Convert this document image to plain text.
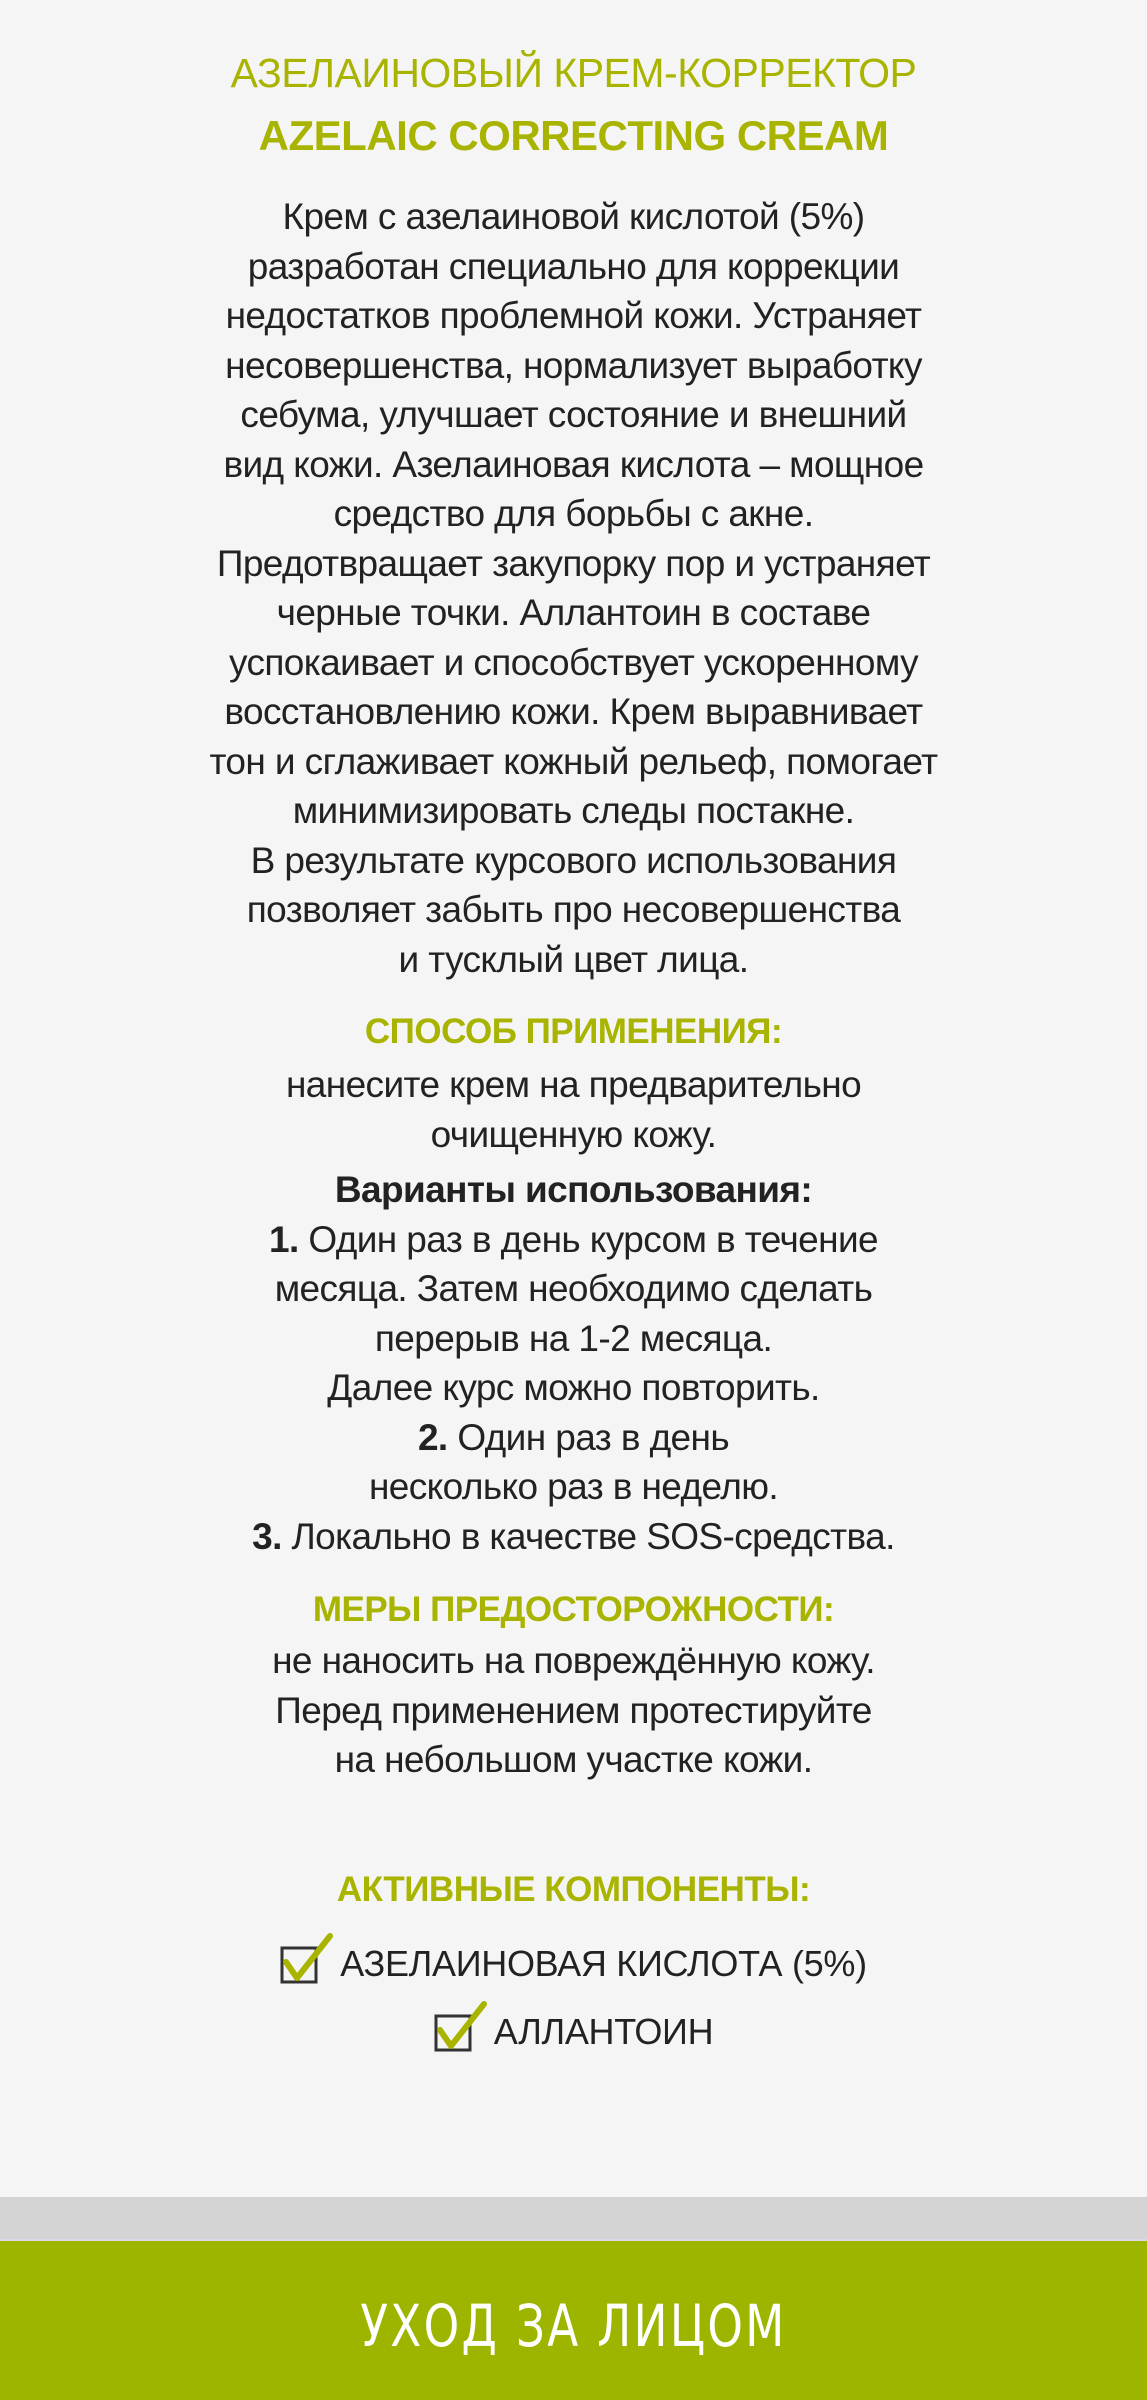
АЗЕЛАИНОВЫЙ КРЕМ-КОРРЕКТОР
AZELAIC CORRECTING CREAM
Крем с азелаиновой кислотой (5%)
разработан специально для коррекции
недостатков проблемной кожи. Устраняет
несовершенства, нормализует выработку
себума, улучшает состояние и внешний
вид кожи. Азелаиновая кислота – мощное
средство для борьбы с акне.
Предотвращает закупорку пор и устраняет
черные точки. Аллантоин в составе
успокаивает и способствует ускоренному
восстановлению кожи. Крем выравнивает
тон и сглаживает кожный рельеф, помогает
минимизировать следы постакне.
В результате курсового использования
позволяет забыть про несовершенства
и тусклый цвет лица.
СПОСОБ ПРИМЕНЕНИЯ:
нанесите крем на предварительно
очищенную кожу.
Варианты использования:
1. Один раз в день курсом в течение
месяца. Затем необходимо сделать
перерыв на 1-2 месяца.
Далее курс можно повторить.
2. Один раз в день
несколько раз в неделю.
3. Локально в качестве SOS-средства.
МЕРЫ ПРЕДОСТОРОЖНОСТИ:
не наносить на повреждённую кожу.
Перед применением протестируйте
на небольшом участке кожи.
АКТИВНЫЕ КОМПОНЕНТЫ:
АЗЕЛАИНОВАЯ КИСЛОТА (5%)
АЛЛАНТОИН
УХОД ЗА ЛИЦОМ
